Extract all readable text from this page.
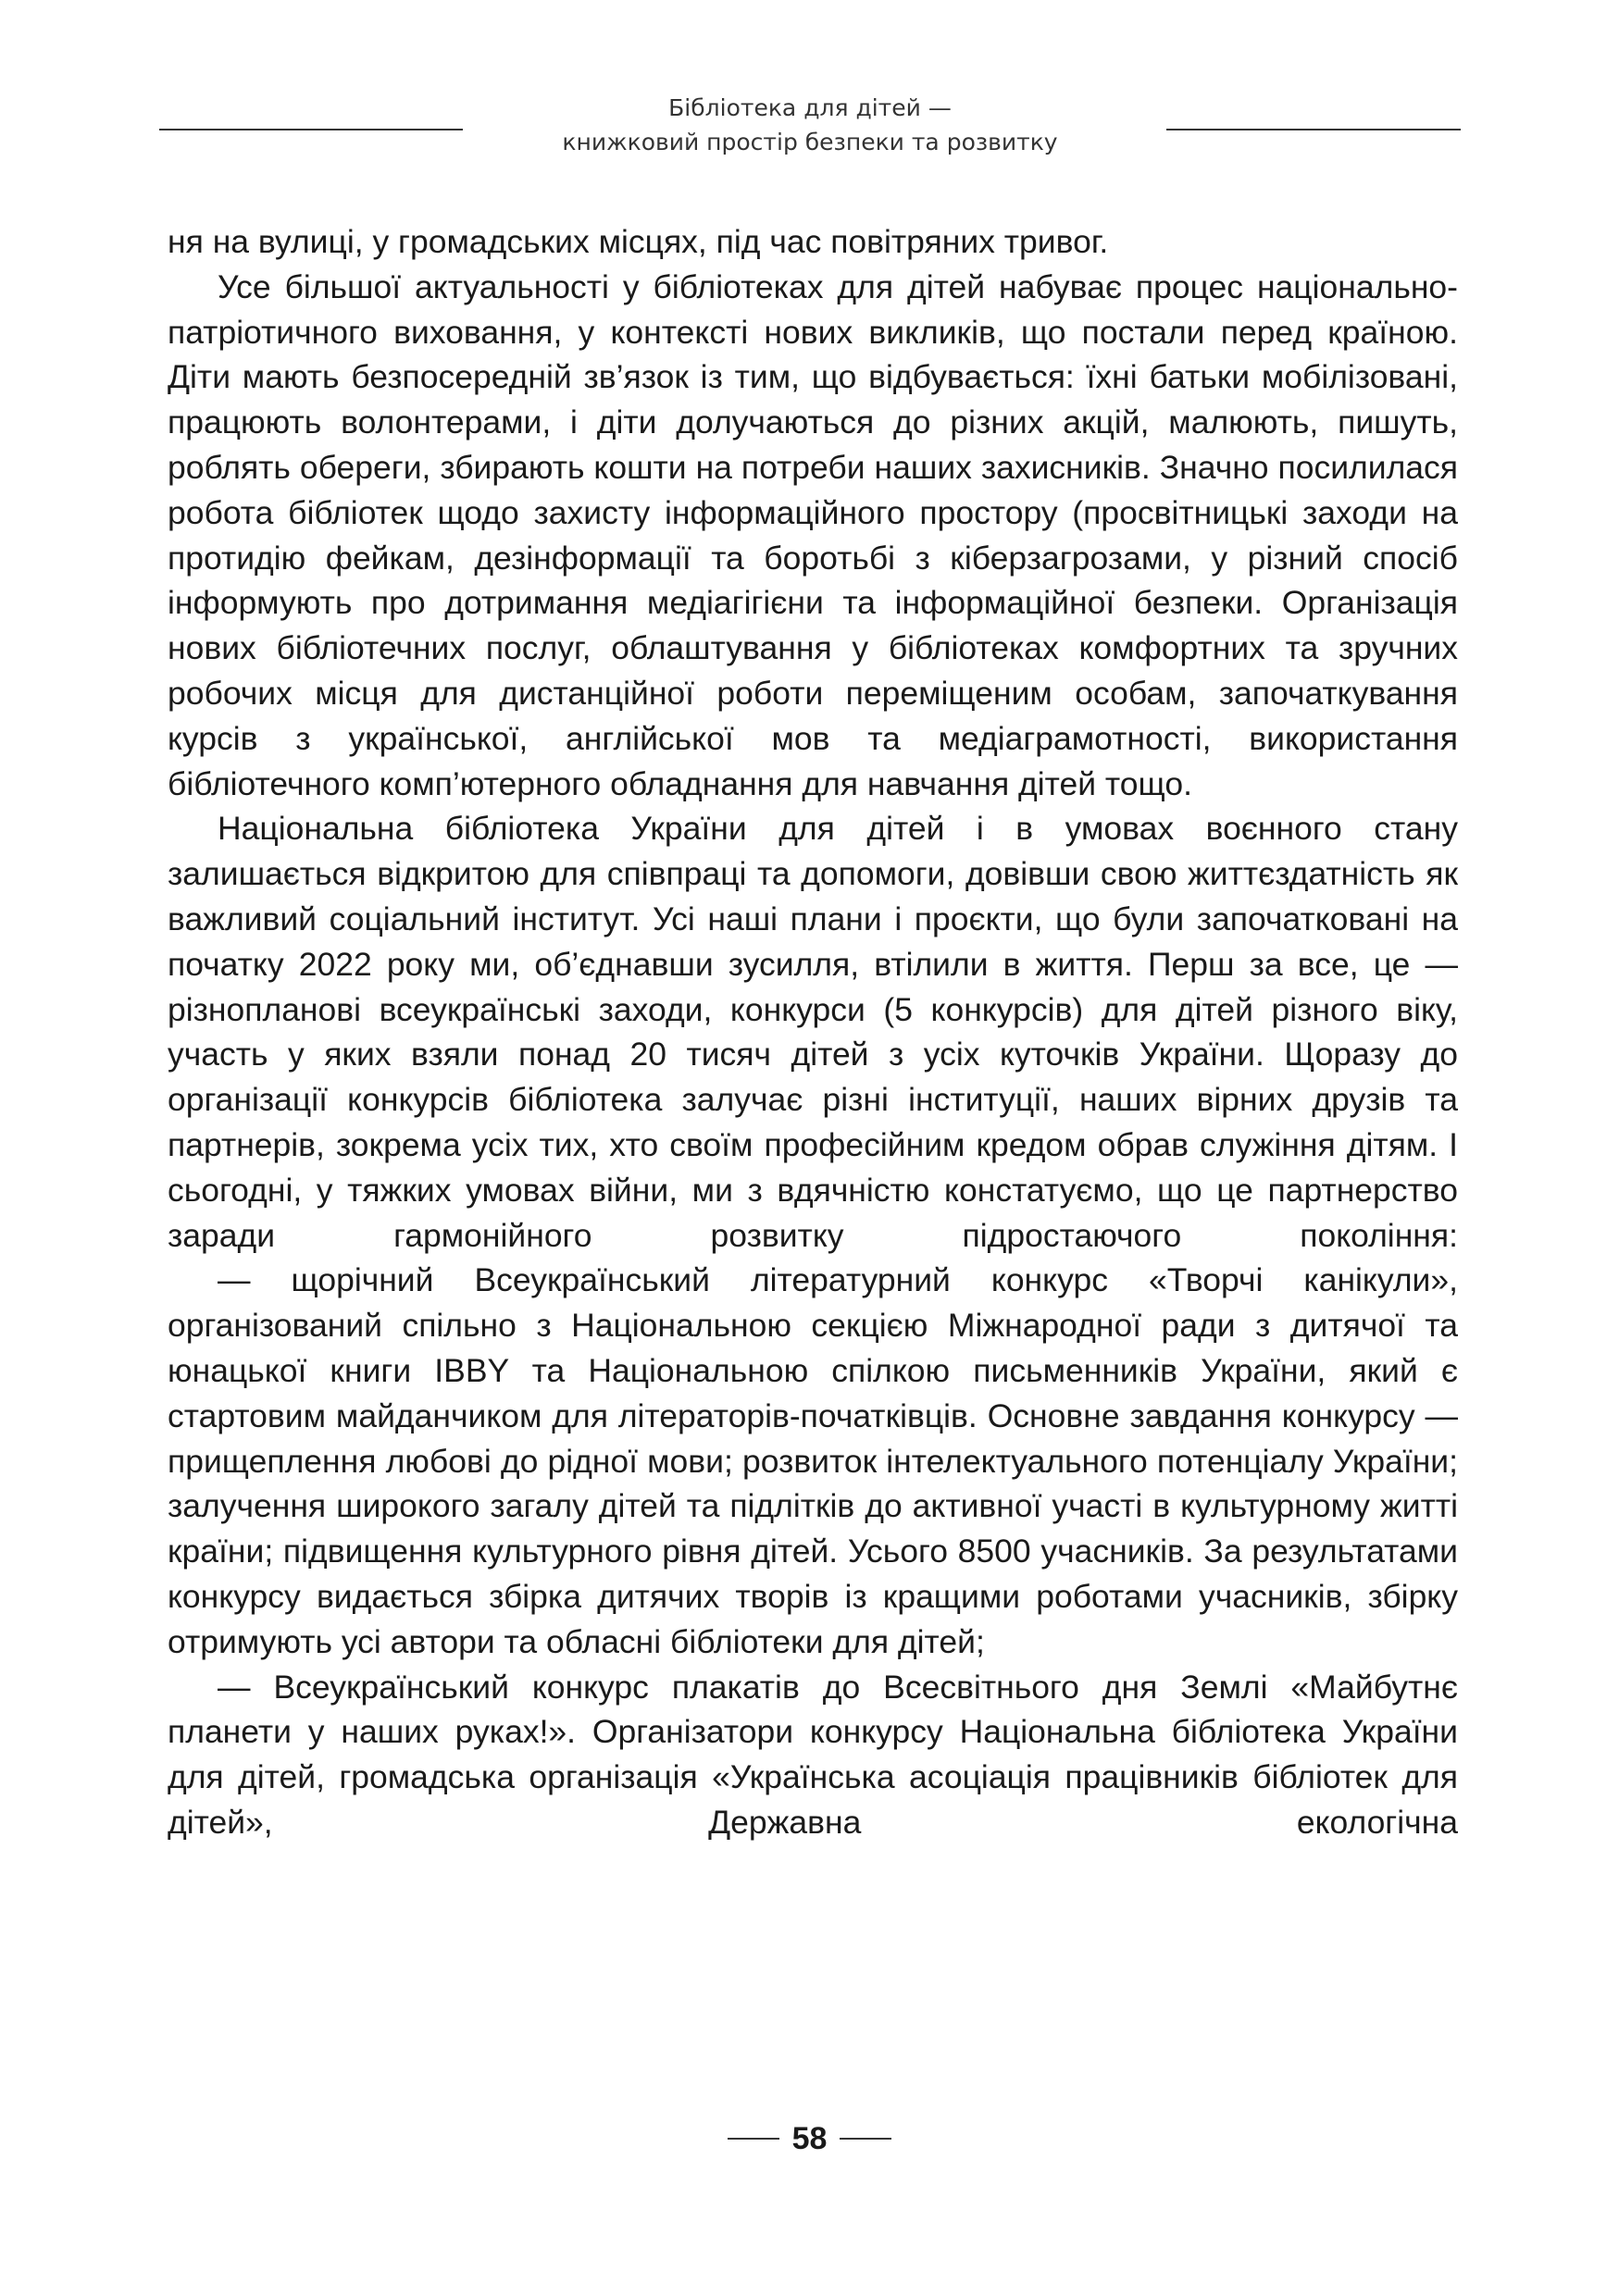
Бібліотека для дітей —
книжковий простір безпеки та розвитку

ня на вулиці, у громадських місцях, під час повітряних тривог.

Усе більшої актуальності у бібліотеках для дітей набуває процес національно-патріотичного виховання, у контексті нових викликів, що постали перед країною. Діти мають безпосередній зв’язок із тим, що відбувається: їхні батьки мобілізовані, працюють волонтерами, і діти долучаються до різних акцій, малюють, пишуть, роблять обереги, збирають кошти на потреби наших захисників. Значно посилилася робота бібліотек щодо захисту інформаційного простору (просвітницькі заходи на протидію фейкам, дезінформації та боротьбі з кіберзагрозами, у різний спосіб інформують про дотримання медіагігієни та інформаційної безпеки. Організація нових бібліотечних послуг, облаштування у бібліотеках комфортних та зручних робочих місця для дистанційної роботи переміщеним особам, започаткування курсів з української, англійської мов та медіаграмотності, використання бібліотечного комп’ютерного обладнання для навчання дітей тощо.

Національна бібліотека України для дітей і в умовах воєнного стану залишається відкритою для співпраці та допомоги, довівши свою життєздатність як важливий соціальний інститут. Усі наші плани і проєкти, що були започатковані на початку 2022 року ми, об’єднавши зусилля, втілили в життя. Перш за все, це — різнопланові всеукраїнські заходи, конкурси (5 конкурсів) для дітей різного віку, участь у яких взяли понад 20 тисяч дітей з усіх куточків України. Щоразу до організації конкурсів бібліотека залучає різні інституції, наших вірних друзів та партнерів, зокрема усіх тих, хто своїм професійним кредом обрав служіння дітям. І сьогодні, у тяжких умовах війни, ми з вдячністю констатуємо, що це партнерство заради гармонійного розвитку підростаючого покоління:

— щорічний Всеукраїнський літературний конкурс «Творчі канікули», організований спільно з Національною секцією Міжнародної ради з дитячої та юнацької книги IBBY та Національною спілкою письменників України, який є стартовим майданчиком для літераторів-початківців. Основне завдання конкурсу — прищеплення любові до рідної мови; розвиток інтелектуального потенціалу України; залучення широкого загалу дітей та підлітків до активної участі в культурному житті країни; підвищення культурного рівня дітей. Усього 8500 учасників. За результатами конкурсу видається збірка дитячих творів із кращими роботами учасників, збірку отримують усі автори та обласні бібліотеки для дітей;

— Всеукраїнський конкурс плакатів до Всесвітнього дня Землі «Майбутнє планети у наших руках!». Організатори конкурсу Національна бібліотека України для дітей, громадська організація «Українська асоціація працівників бібліотек для дітей», Державна екологічна

58
